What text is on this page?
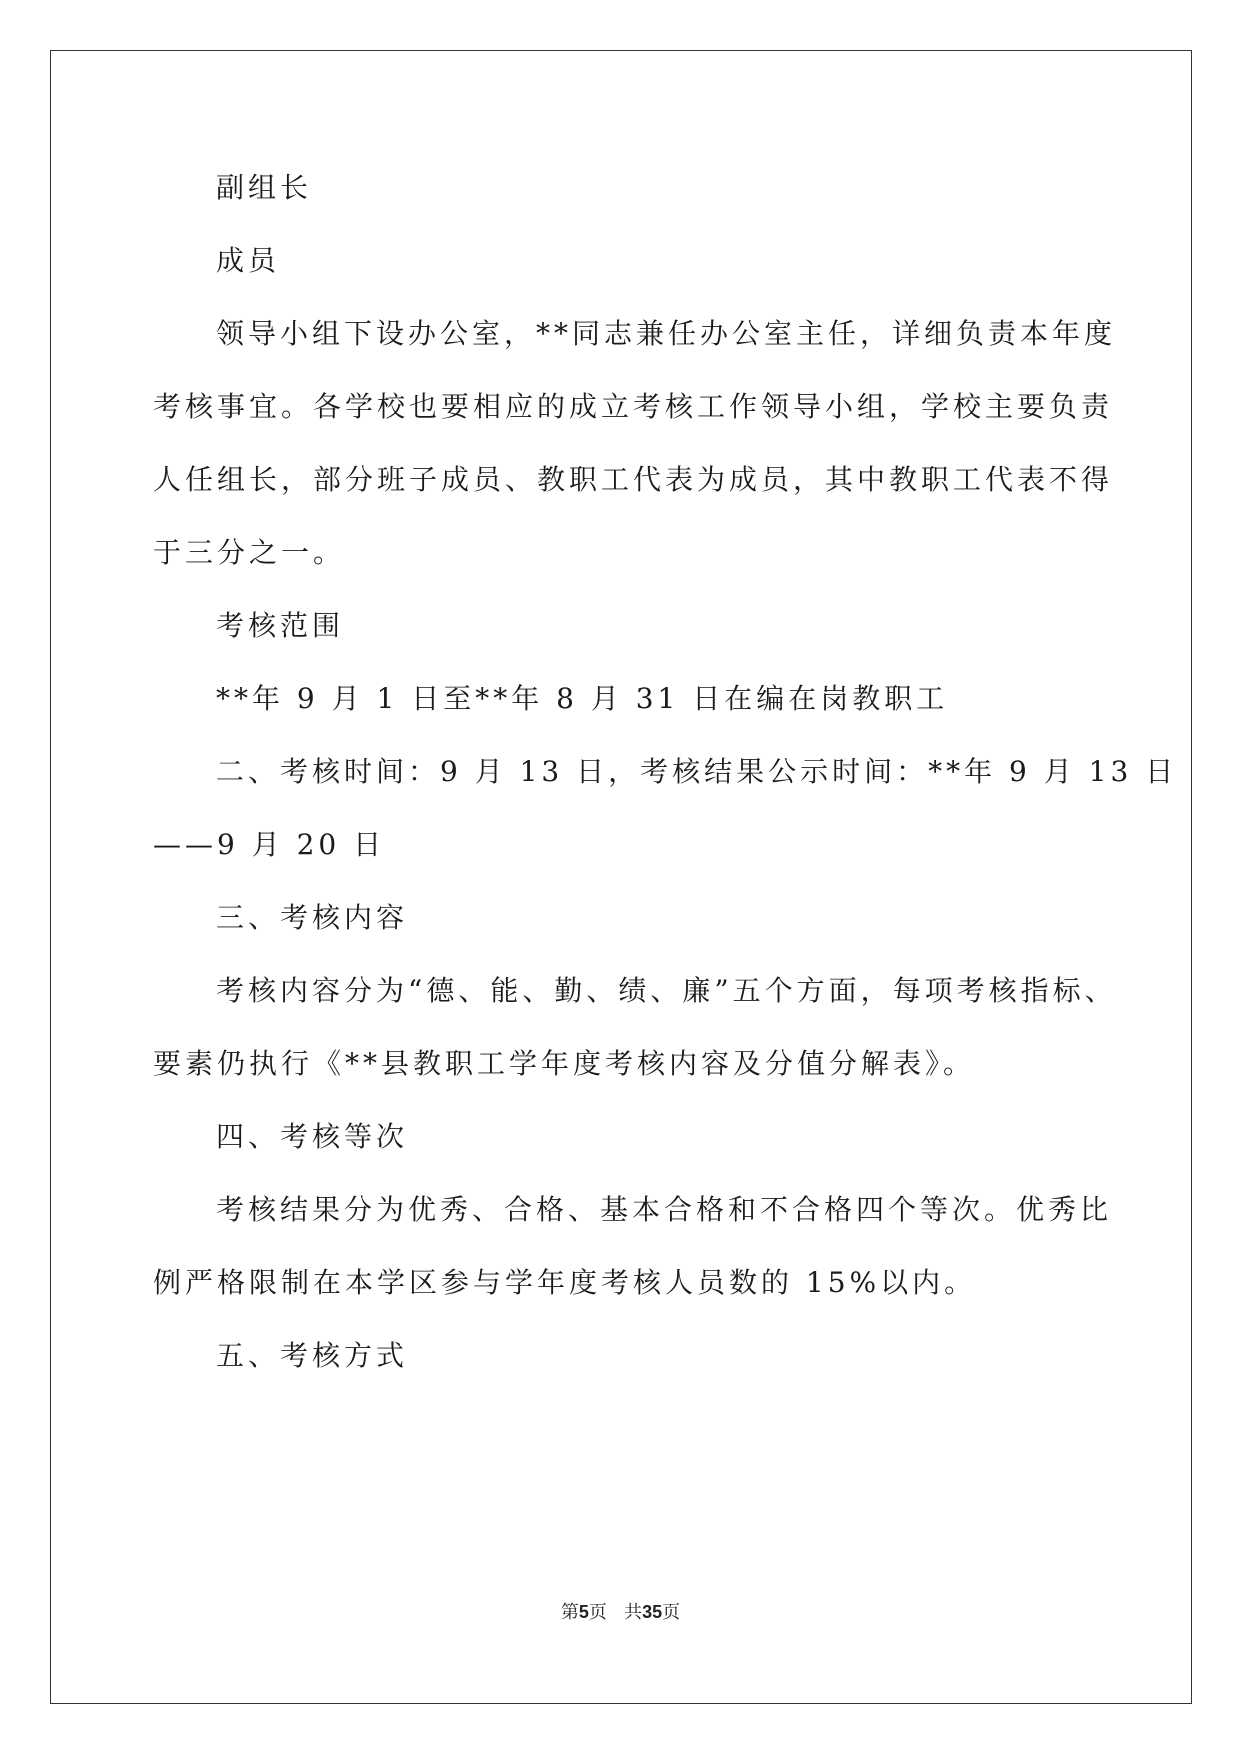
副组长
成员
领导小组下设办公室，**同志兼任办公室主任，详细负责本年度
考核事宜。各学校也要相应的成立考核工作领导小组，学校主要负责
人任组长，部分班子成员、教职工代表为成员，其中教职工代表不得
于三分之一。
考核范围
**年 9 月 1 日至**年 8 月 31 日在编在岗教职工
二、考核时间：9 月 13 日，考核结果公示时间：**年 9 月 13 日
——9 月 20 日
三、考核内容
考核内容分为“德、能、勤、绩、廉”五个方面，每项考核指标、
要素仍执行《**县教职工学年度考核内容及分值分解表》。
四、考核等次
考核结果分为优秀、合格、基本合格和不合格四个等次。优秀比
例严格限制在本学区参与学年度考核人员数的 15%以内。
五、考核方式
第5页 共35页
